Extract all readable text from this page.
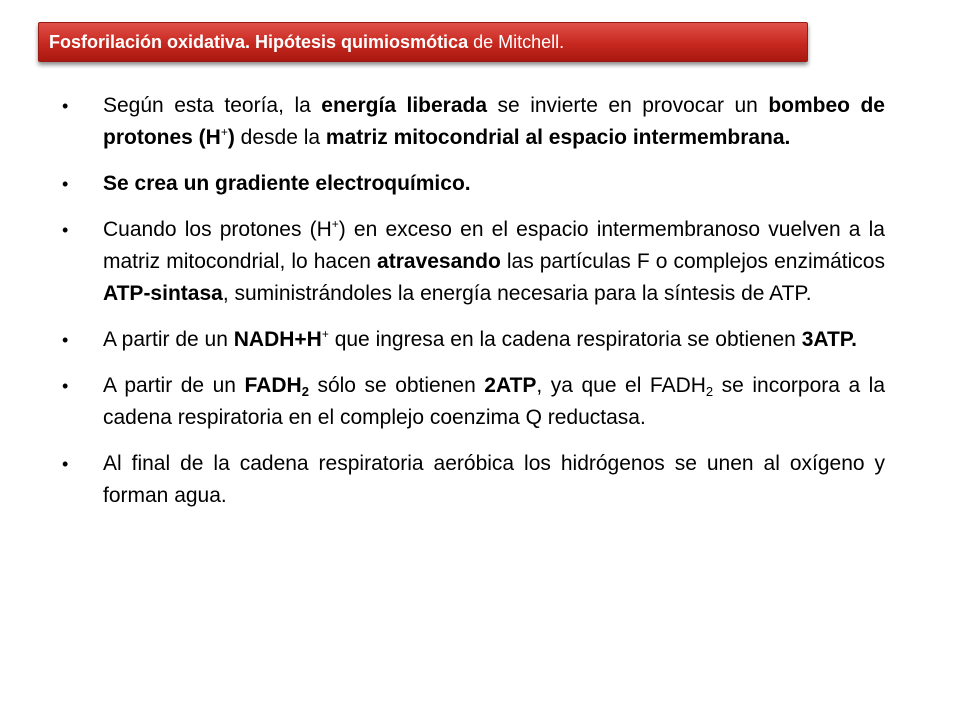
Fosforilación oxidativa. Hipótesis quimiosmótica de Mitchell.
• Según esta teoría, la energía liberada se invierte en provocar un bombeo de protones (H+) desde la matriz mitocondrial al espacio intermembrana.
• Se crea un gradiente electroquímico.
• Cuando los protones (H+) en exceso en el espacio intermembranoso vuelven a la matriz mitocondrial, lo hacen atravesando las partículas F o complejos enzimáticos ATP-sintasa, suministrándoles la energía necesaria para la síntesis de ATP.
• A partir de un NADH+H+ que ingresa en la cadena respiratoria se obtienen 3ATP.
• A partir de un $FADH_2$ sólo se obtienen 2ATP, ya que el $FADH_2$ se incorpora a la cadena respiratoria en el complejo coenzima Q reductasa.
• Al final de la cadena respiratoria aeróbica los hidrógenos se unen al oxígeno y forman agua.
